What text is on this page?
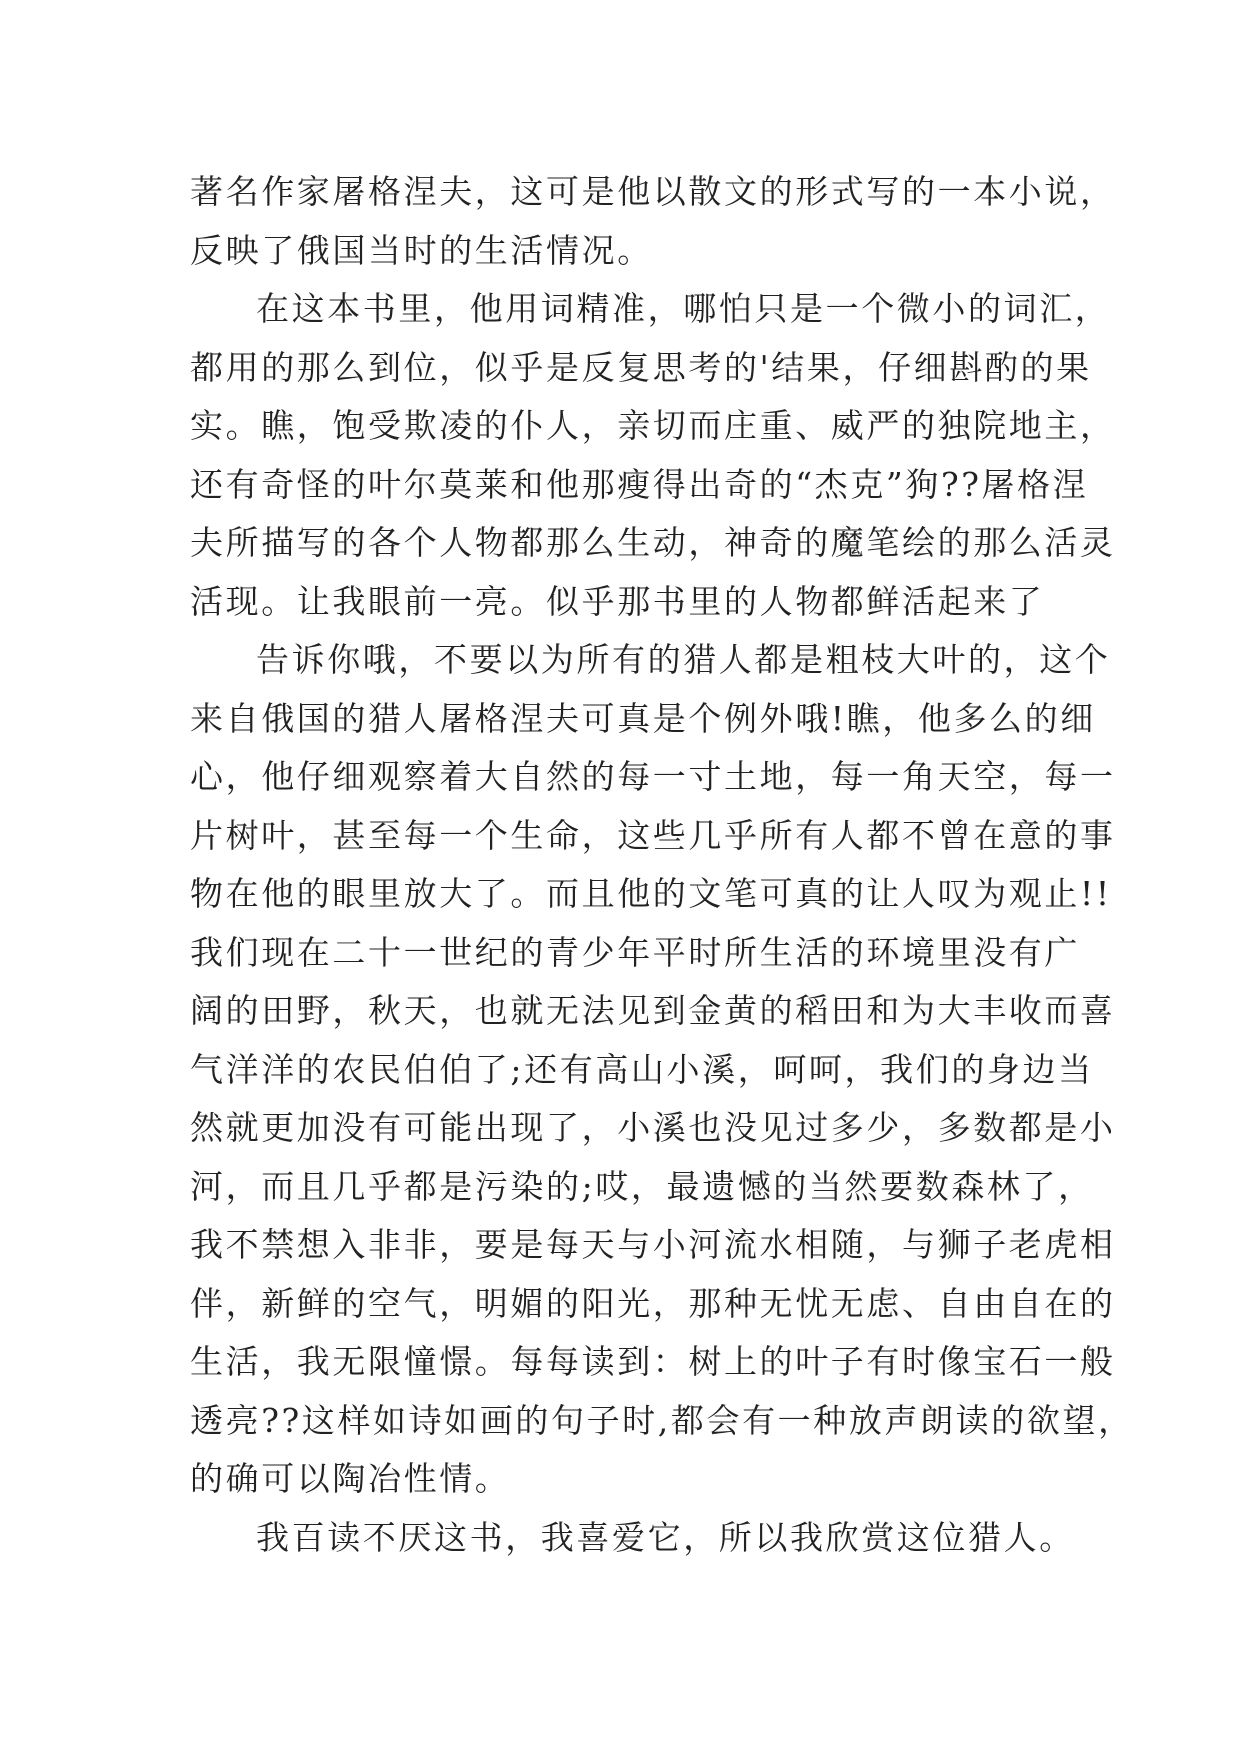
著名作家屠格涅夫，这可是他以散文的形式写的一本小说，
反映了俄国当时的生活情况。
在这本书里，他用词精准，哪怕只是一个微小的词汇，
都用的那么到位，似乎是反复思考的'结果，仔细斟酌的果
实。瞧，饱受欺凌的仆人，亲切而庄重、威严的独院地主，
还有奇怪的叶尔莫莱和他那瘦得出奇的“杰克”狗??屠格涅
夫所描写的各个人物都那么生动，神奇的魔笔绘的那么活灵
活现。让我眼前一亮。似乎那书里的人物都鲜活起来了
告诉你哦，不要以为所有的猎人都是粗枝大叶的，这个
来自俄国的猎人屠格涅夫可真是个例外哦!瞧，他多么的细
心，他仔细观察着大自然的每一寸土地，每一角天空，每一
片树叶，甚至每一个生命，这些几乎所有人都不曾在意的事
物在他的眼里放大了。而且他的文笔可真的让人叹为观止!!
我们现在二十一世纪的青少年平时所生活的环境里没有广
阔的田野，秋天，也就无法见到金黄的稻田和为大丰收而喜
气洋洋的农民伯伯了;还有高山小溪，呵呵，我们的身边当
然就更加没有可能出现了，小溪也没见过多少，多数都是小
河，而且几乎都是污染的;哎，最遗憾的当然要数森林了，
我不禁想入非非，要是每天与小河流水相随，与狮子老虎相
伴，新鲜的空气，明媚的阳光，那种无忧无虑、自由自在的
生活，我无限憧憬。每每读到：树上的叶子有时像宝石一般
透亮??这样如诗如画的句子时,都会有一种放声朗读的欲望，
的确可以陶冶性情。
我百读不厌这书，我喜爱它，所以我欣赏这位猎人。
